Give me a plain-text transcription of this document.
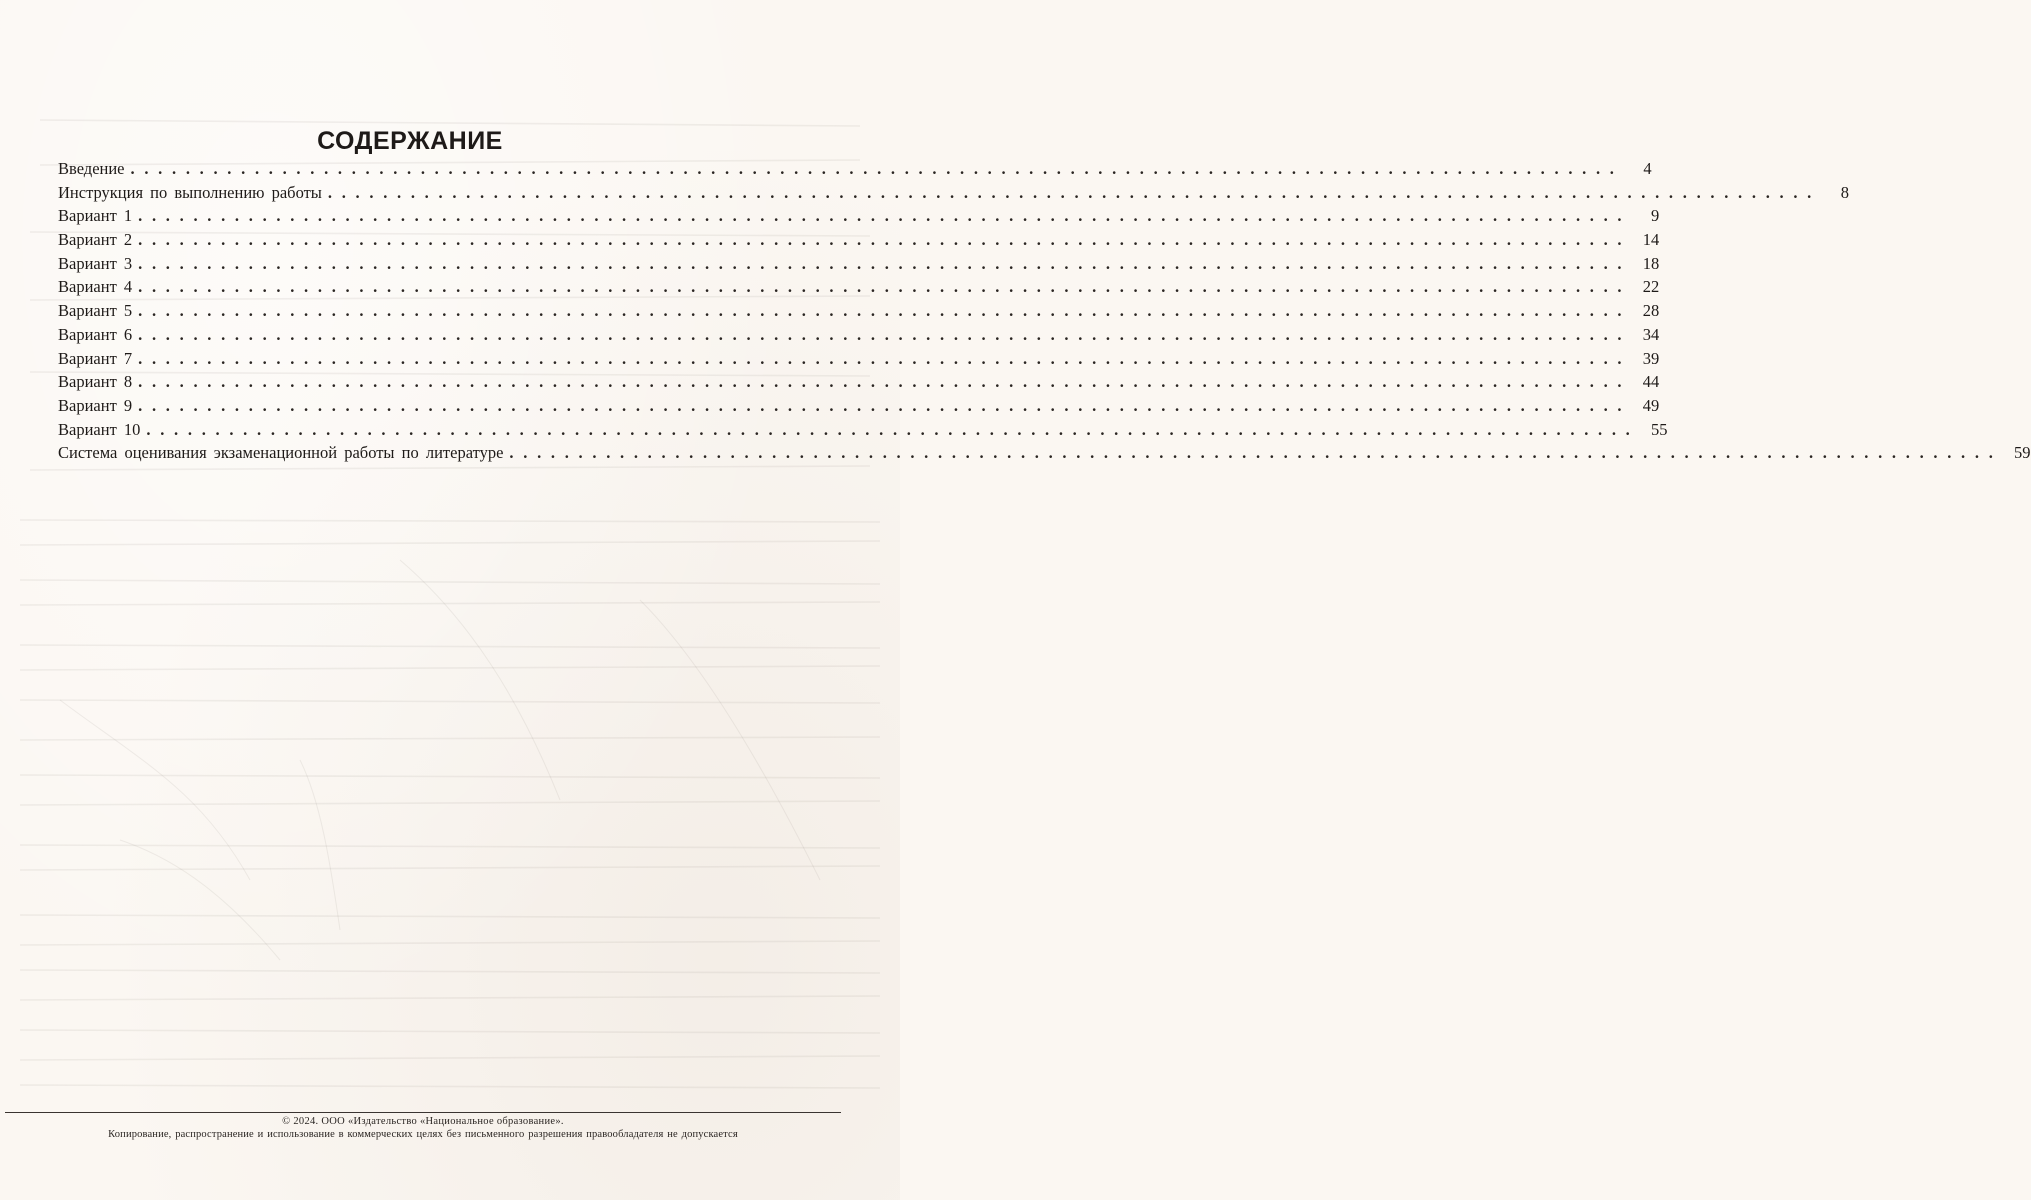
СОДЕРЖАНИЕ
Введение ............................................................................................................	4
Инструкция по выполнению работы ............................................................................................................	8
Вариант 1 ............................................................................................................	9
Вариант 2 ............................................................................................................ 14
Вариант 3 ............................................................................................................ 18
Вариант 4 ............................................................................................................ 22
Вариант 5 ............................................................................................................ 28
Вариант 6 ............................................................................................................ 34
Вариант 7 ............................................................................................................ 39
Вариант 8 ............................................................................................................ 44
Вариант 9 ............................................................................................................ 49
Вариант 10 ............................................................................................................ 55
Система оценивания экзаменационной работы по литературе ............................................................................................................ 59
© 2024. ООО «Издательство «Национальное образование».
Копирование, распространение и использование в коммерческих целях без письменного разрешения правообладателя не допускается
